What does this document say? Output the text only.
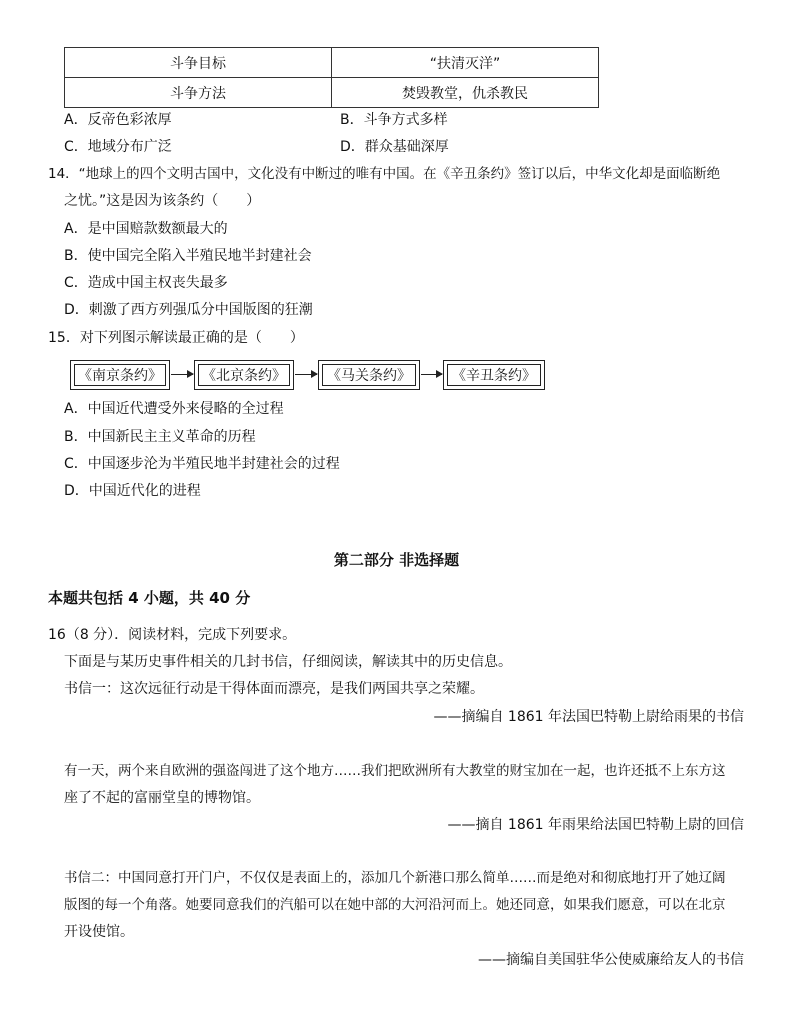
斗争目标	“扶清灭洋”
斗争方法	焚毁教堂，仇杀教民
A．反帝色彩浓厚	B．斗争方式多样
C．地域分布广泛	D．群众基础深厚
14．“地球上的四个文明古国中，文化没有中断过的唯有中国。在《辛丑条约》签订以后，中华文化却是面临断绝
之忧。”这是因为该条约（　　）
A．是中国赔款数额最大的
B．使中国完全陷入半殖民地半封建社会
C．造成中国主权丧失最多
D．刺激了西方列强瓜分中国版图的狂潮
15．对下列图示解读最正确的是（　　）
《南京条约》	《北京条约》	《马关条约》	《辛丑条约》
A．中国近代遭受外来侵略的全过程
B．中国新民主主义革命的历程
C．中国逐步沦为半殖民地半封建社会的过程
D．中国近代化的进程
第二部分 非选择题
本题共包括 4 小题，共 40 分
16（8 分）．阅读材料，完成下列要求。
下面是与某历史事件相关的几封书信，仔细阅读，解读其中的历史信息。
书信一：这次远征行动是干得体面而漂亮，是我们两国共享之荣耀。
——摘编自 1861 年法国巴特勒上尉给雨果的书信
有一天，两个来自欧洲的强盗闯进了这个地方……我们把欧洲所有大教堂的财宝加在一起，也许还抵不上东方这
座了不起的富丽堂皇的博物馆。
——摘自 1861 年雨果给法国巴特勒上尉的回信
书信二：中国同意打开门户，不仅仅是表面上的，添加几个新港口那么简单……而是绝对和彻底地打开了她辽阔
版图的每一个角落。她要同意我们的汽船可以在她中部的大河沿河而上。她还同意，如果我们愿意，可以在北京
开设使馆。
——摘编自美国驻华公使威廉给友人的书信
